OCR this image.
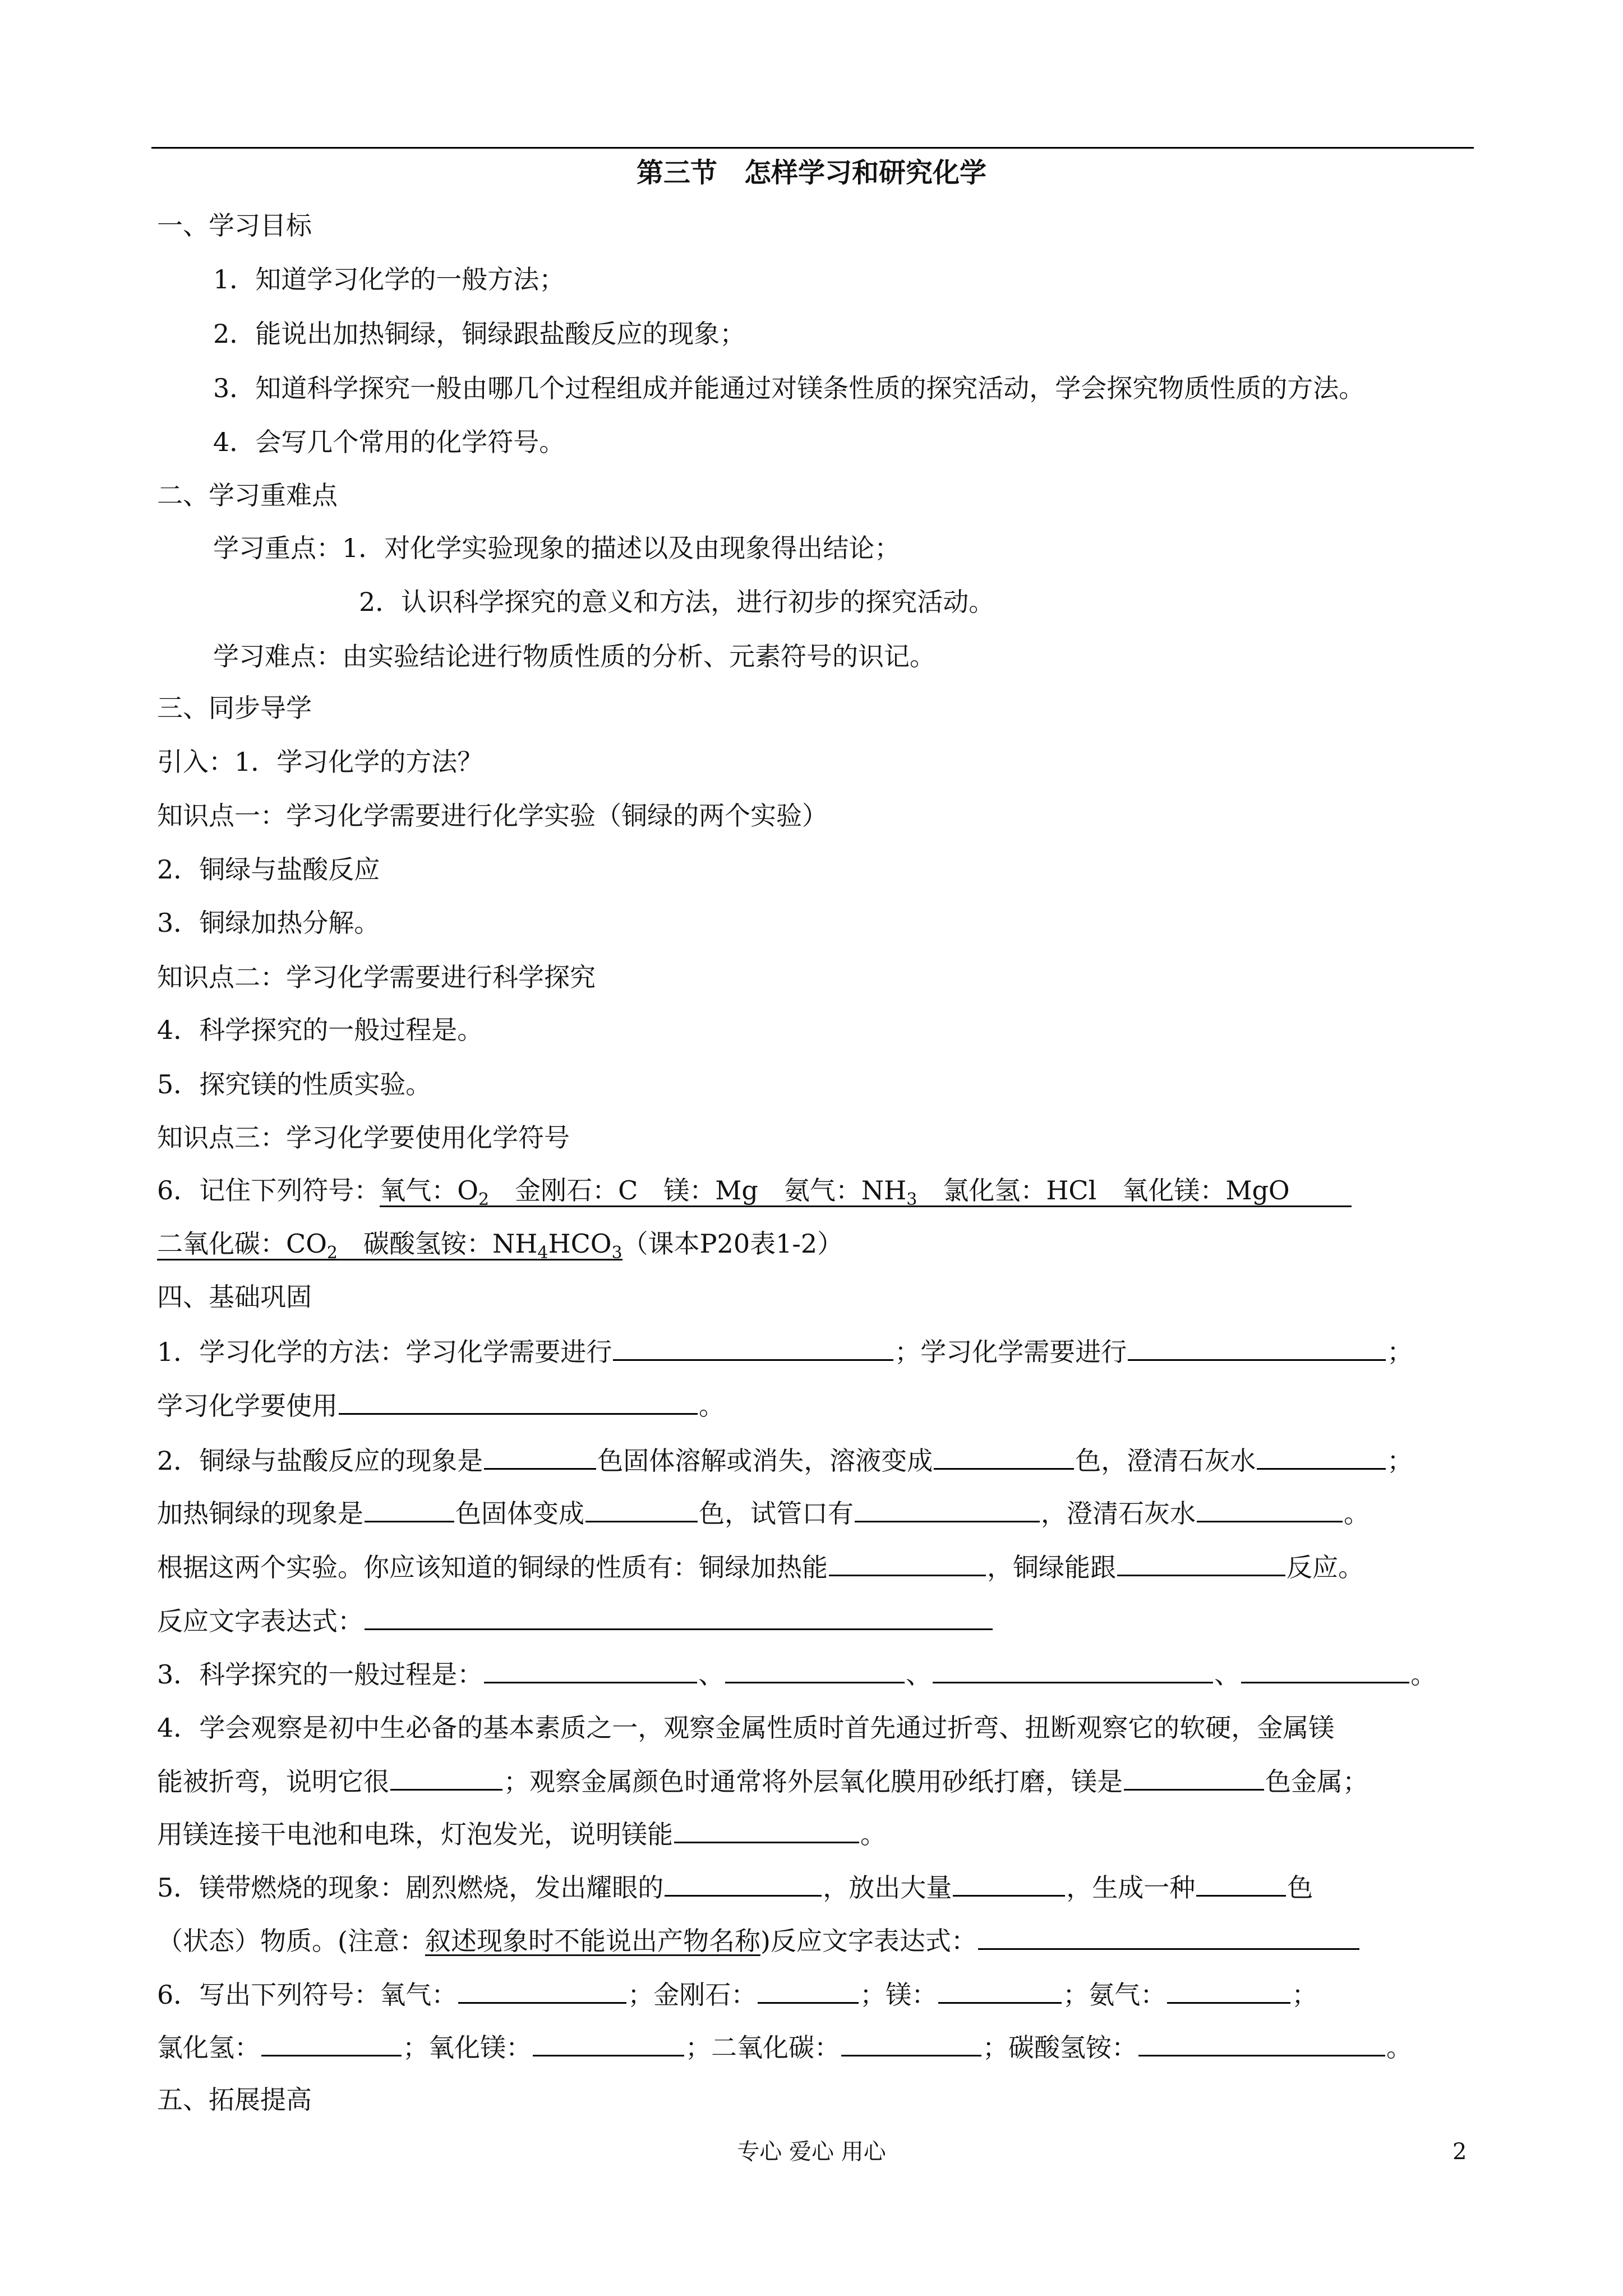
第三节　怎样学习和研究化学
一、学习目标
1．知道学习化学的一般方法；
2．能说出加热铜绿，铜绿跟盐酸反应的现象；
3．知道科学探究一般由哪几个过程组成并能通过对镁条性质的探究活动，学会探究物质性质的方法。
4．会写几个常用的化学符号。
二、学习重难点
学习重点：1．对化学实验现象的描述以及由现象得出结论；
2．认识科学探究的意义和方法，进行初步的探究活动。
学习难点：由实验结论进行物质性质的分析、元素符号的识记。
三、同步导学
引入：1．学习化学的方法？
知识点一：学习化学需要进行化学实验（铜绿的两个实验）
2．铜绿与盐酸反应
3．铜绿加热分解。
知识点二：学习化学需要进行科学探究
4．科学探究的一般过程是。
5．探究镁的性质实验。
知识点三：学习化学要使用化学符号
6．记住下列符号：氧气：$O_2$　 金刚石：C　 镁：Mg　 氨气：$NH_3$　 氯化氢：HCl　 氧化镁：MgO
二氧化碳：$CO_2$　 碳酸氢铵：$NH_4HCO_3$（课本P20表1-2）
四、基础巩固
1．学习化学的方法：学习化学需要进行	；学习化学需要进行	；
学习化学要使用	。
2．铜绿与盐酸反应的现象是	色固体溶解或消失，溶液变成	色，澄清石灰水	；
加热铜绿的现象是	色固体变成	色，试管口有	，澄清石灰水	。
根据这两个实验。你应该知道的铜绿的性质有：铜绿加热能	，铜绿能跟	反应。
反应文字表达式：
3．科学探究的一般过程是：	、	、	、	。
4．学会观察是初中生必备的基本素质之一，观察金属性质时首先通过折弯、扭断观察它的软硬，金属镁
能被折弯，说明它很	；观察金属颜色时通常将外层氧化膜用砂纸打磨，镁是	色金属；
用镁连接干电池和电珠，灯泡发光，说明镁能	。
5．镁带燃烧的现象：剧烈燃烧，发出耀眼的	，放出大量	，生成一种	色
（状态）物质。(注意：叙述现象时不能说出产物名称)反应文字表达式：
6．写出下列符号：氧气：	；金刚石：	；镁：	；氨气：	；
氯化氢：	；氧化镁：	；二氧化碳：	；碳酸氢铵：	。
五、拓展提高
专心 爱心 用心	2
